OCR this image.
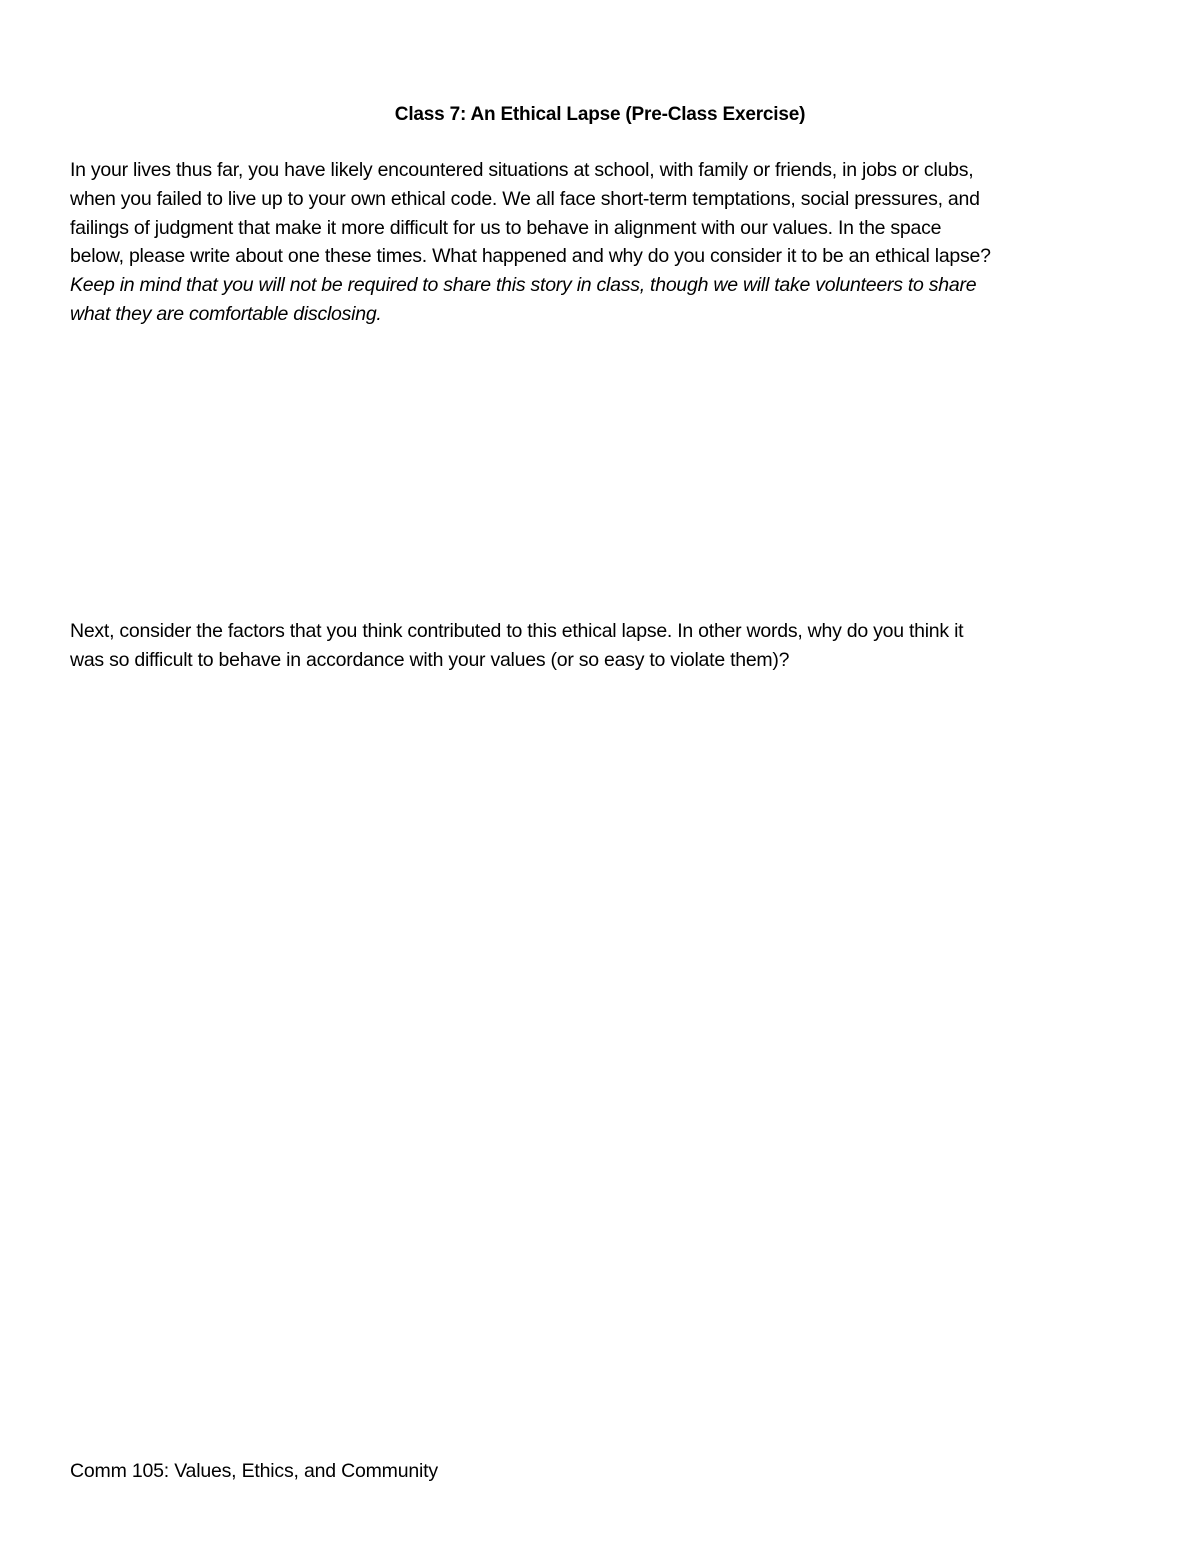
Class 7: An Ethical Lapse (Pre-Class Exercise)
In your lives thus far, you have likely encountered situations at school, with family or friends, in jobs or clubs,
when you failed to live up to your own ethical code. We all face short-term temptations, social pressures, and
failings of judgment that make it more difficult for us to behave in alignment with our values. In the space
below, please write about one these times. What happened and why do you consider it to be an ethical lapse?
Keep in mind that you will not be required to share this story in class, though we will take volunteers to share
what they are comfortable disclosing.
Next, consider the factors that you think contributed to this ethical lapse. In other words, why do you think it
was so difficult to behave in accordance with your values (or so easy to violate them)?
Comm 105: Values, Ethics, and Community
